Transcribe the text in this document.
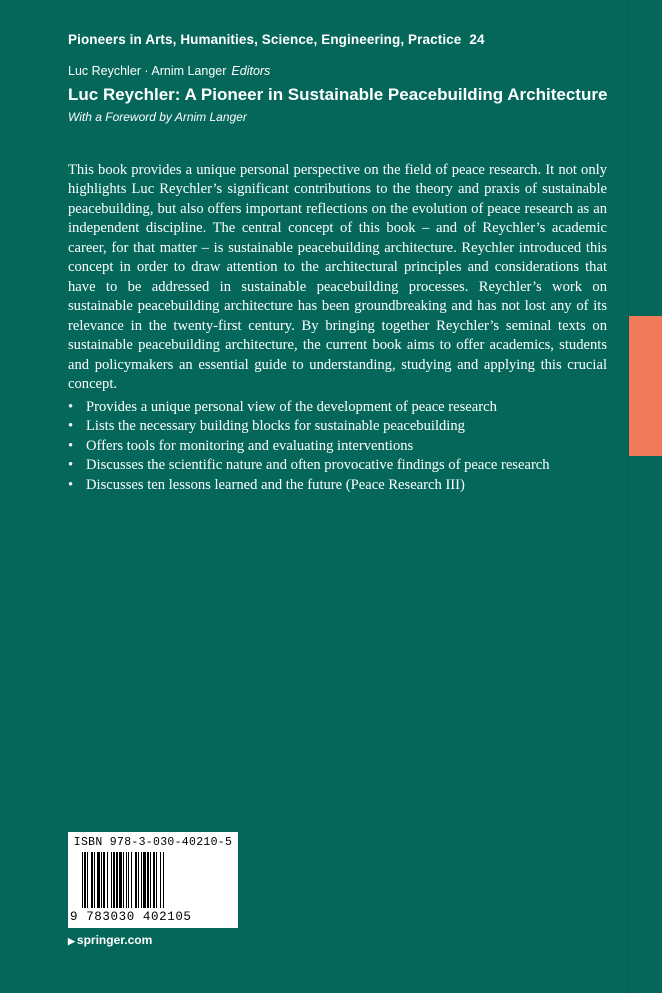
Pioneers in Arts, Humanities, Science, Engineering, Practice 24
Luc Reychler · Arnim Langer Editors
Luc Reychler: A Pioneer in Sustainable Peacebuilding Architecture
With a Foreword by Arnim Langer
This book provides a unique personal perspective on the field of peace research. It not only highlights Luc Reychler’s significant contributions to the theory and praxis of sustainable peacebuilding, but also offers important reflections on the evolution of peace research as an independent discipline. The central concept of this book – and of Reychler’s academic career, for that matter – is sustainable peacebuilding architecture. Reychler introduced this concept in order to draw attention to the architectural principles and considerations that have to be addressed in sustainable peacebuilding processes. Reychler’s work on sustainable peacebuilding architecture has been groundbreaking and has not lost any of its relevance in the twenty-first century. By bringing together Reychler’s seminal texts on sustainable peacebuilding architecture, the current book aims to offer academics, students and policymakers an essential guide to understanding, studying and applying this crucial concept.
• Provides a unique personal view of the development of peace research
• Lists the necessary building blocks for sustainable peacebuilding
• Offers tools for monitoring and evaluating interventions
• Discusses the scientific nature and often provocative findings of peace research
• Discusses ten lessons learned and the future (Peace Research III)
ISBN 978-3-030-40210-5
9 783030 402105
▶ springer.com
